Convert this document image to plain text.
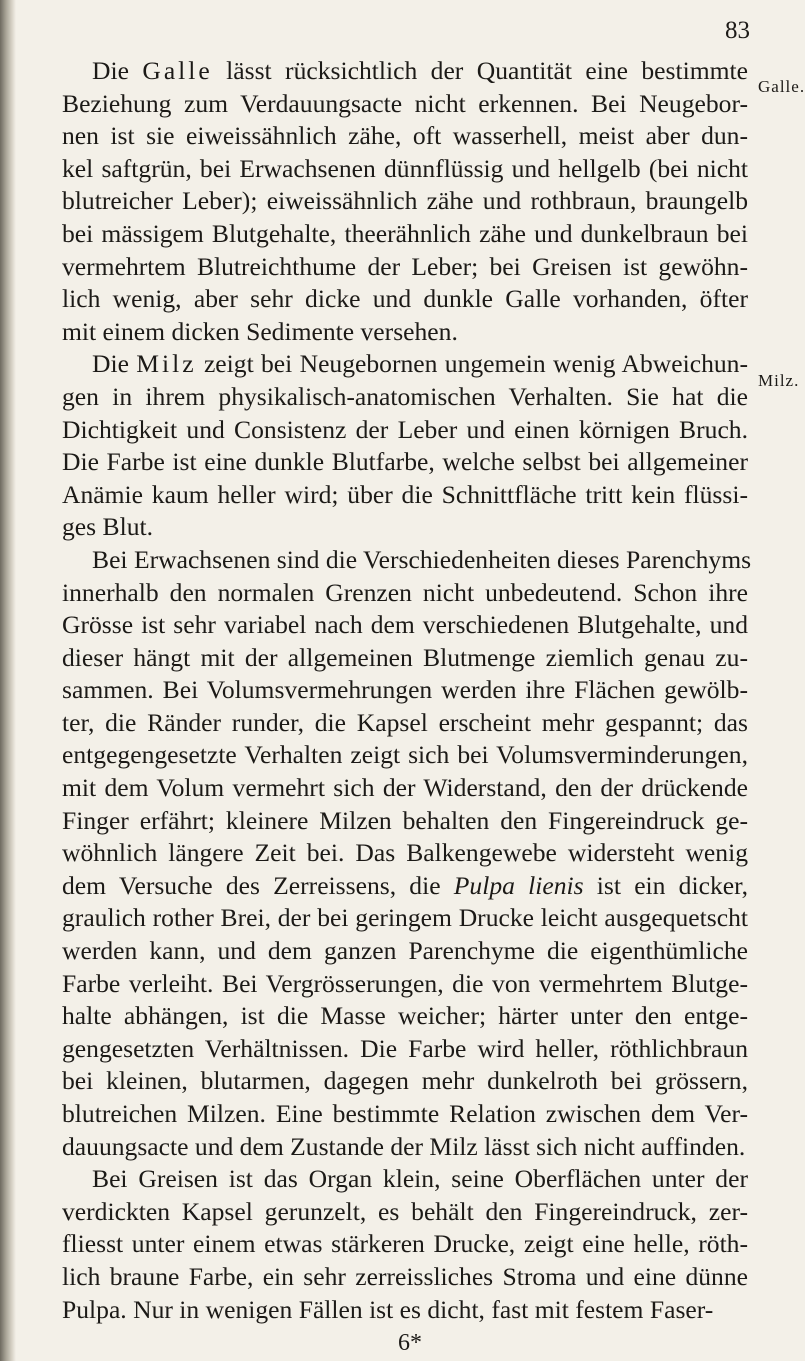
83
Galle.
Milz.

Die Galle lässt rücksichtlich der Quantität eine bestimmte
Beziehung zum Verdauungsacte nicht erkennen. Bei Neugebor-
nen ist sie eiweissähnlich zähe, oft wasserhell, meist aber dun-
kel saftgrün, bei Erwachsenen dünnflüssig und hellgelb (bei nicht
blutreicher Leber); eiweissähnlich zähe und rothbraun, braungelb
bei mässigem Blutgehalte, theerähnlich zähe und dunkelbraun bei
vermehrtem Blutreichthume der Leber; bei Greisen ist gewöhn-
lich wenig, aber sehr dicke und dunkle Galle vorhanden, öfter
mit einem dicken Sedimente versehen.

Die Milz zeigt bei Neugebornen ungemein wenig Abweichun-
gen in ihrem physikalisch-anatomischen Verhalten. Sie hat die
Dichtigkeit und Consistenz der Leber und einen körnigen Bruch.
Die Farbe ist eine dunkle Blutfarbe, welche selbst bei allgemeiner
Anämie kaum heller wird; über die Schnittfläche tritt kein flüssi-
ges Blut.

Bei Erwachsenen sind die Verschiedenheiten dieses Parenchyms
innerhalb den normalen Grenzen nicht unbedeutend. Schon ihre
Grösse ist sehr variabel nach dem verschiedenen Blutgehalte, und
dieser hängt mit der allgemeinen Blutmenge ziemlich genau zu-
sammen. Bei Volumsvermehrungen werden ihre Flächen gewölb-
ter, die Ränder runder, die Kapsel erscheint mehr gespannt; das
entgegengesetzte Verhalten zeigt sich bei Volumsverminderungen,
mit dem Volum vermehrt sich der Widerstand, den der drückende
Finger erfährt; kleinere Milzen behalten den Fingereindruck ge-
wöhnlich längere Zeit bei. Das Balkengewebe widersteht wenig
dem Versuche des Zerreissens, die Pulpa lienis ist ein dicker,
graulich rother Brei, der bei geringem Drucke leicht ausgequetscht
werden kann, und dem ganzen Parenchyme die eigenthümliche
Farbe verleiht. Bei Vergrösserungen, die von vermehrtem Blutge-
halte abhängen, ist die Masse weicher; härter unter den entge-
gengesetzten Verhältnissen. Die Farbe wird heller, röthlichbraun
bei kleinen, blutarmen, dagegen mehr dunkelroth bei grössern,
blutreichen Milzen. Eine bestimmte Relation zwischen dem Ver-
dauungsacte und dem Zustande der Milz lässt sich nicht auffinden.

Bei Greisen ist das Organ klein, seine Oberflächen unter der
verdickten Kapsel gerunzelt, es behält den Fingereindruck, zer-
fliesst unter einem etwas stärkeren Drucke, zeigt eine helle, röth-
lich braune Farbe, ein sehr zerreissliches Stroma und eine dünne
Pulpa. Nur in wenigen Fällen ist es dicht, fast mit festem Faser-

6*
